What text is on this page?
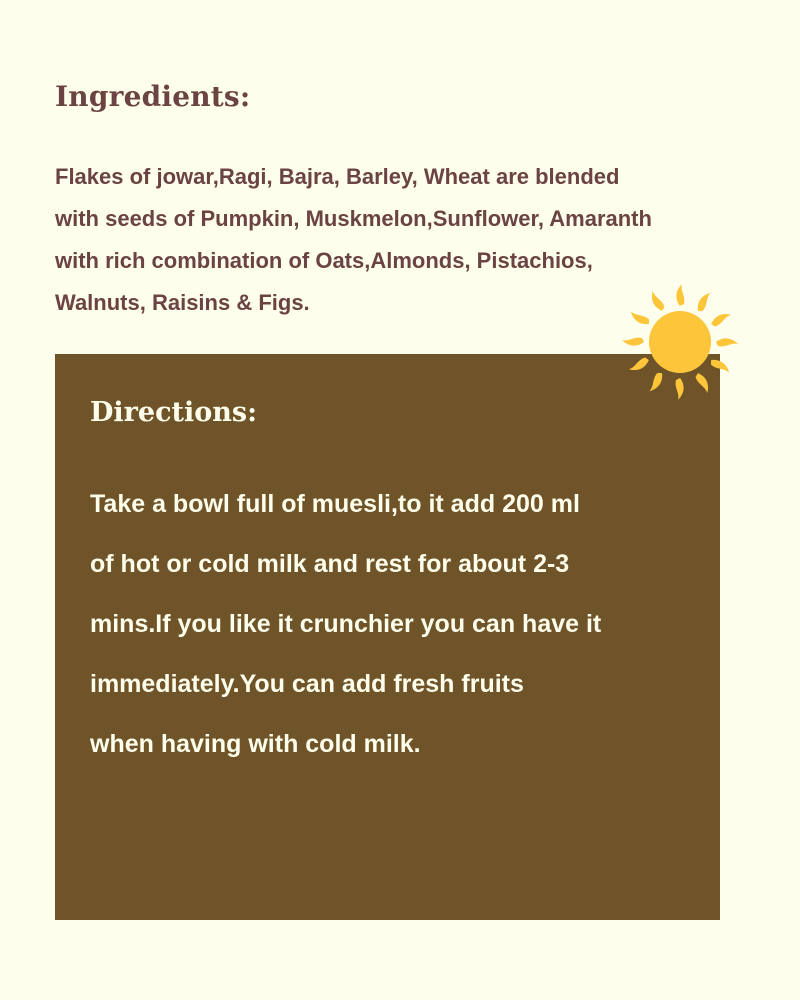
Ingredients:
Flakes of jowar,Ragi, Bajra, Barley, Wheat are blended
with seeds of Pumpkin, Muskmelon,Sunflower, Amaranth
with rich combination of Oats,Almonds, Pistachios,
Walnuts, Raisins & Figs.
Directions:
Take a bowl full of muesli,to it add 200 ml
of hot or cold milk and rest for about 2-3
mins.If you like it crunchier you can have it
immediately.You can add fresh fruits
when having with cold milk.
